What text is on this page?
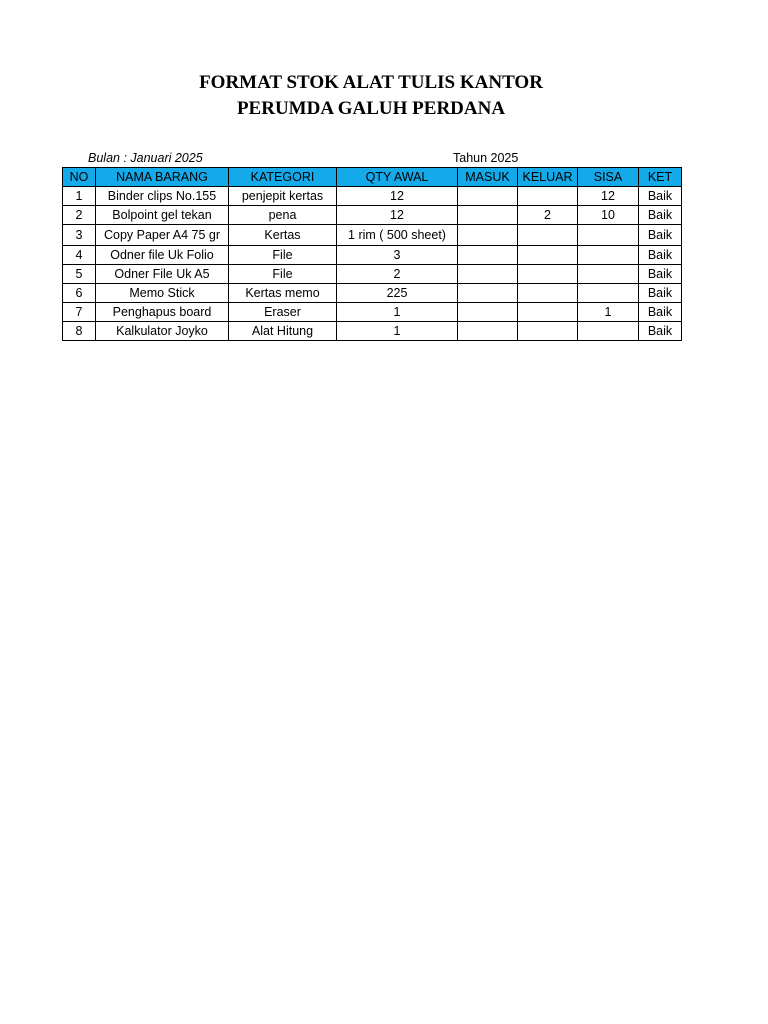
FORMAT STOK ALAT TULIS KANTOR
PERUMDA GALUH PERDANA
Bulan : Januari 2025	Tahun 2025
NO	NAMA BARANG	KATEGORI	QTY AWAL	MASUK	KELUAR	SISA	KET
1	Binder clips No.155	penjepit kertas	12			12	Baik
2	Bolpoint gel tekan	pena	12		2	10	Baik
3	Copy Paper A4 75 gr	Kertas	1 rim ( 500 sheet)				Baik
4	Odner file Uk Folio	File	3				Baik
5	Odner File Uk A5	File	2				Baik
6	Memo Stick	Kertas memo	225				Baik
7	Penghapus board	Eraser	1			1	Baik
8	Kalkulator Joyko	Alat Hitung	1				Baik
